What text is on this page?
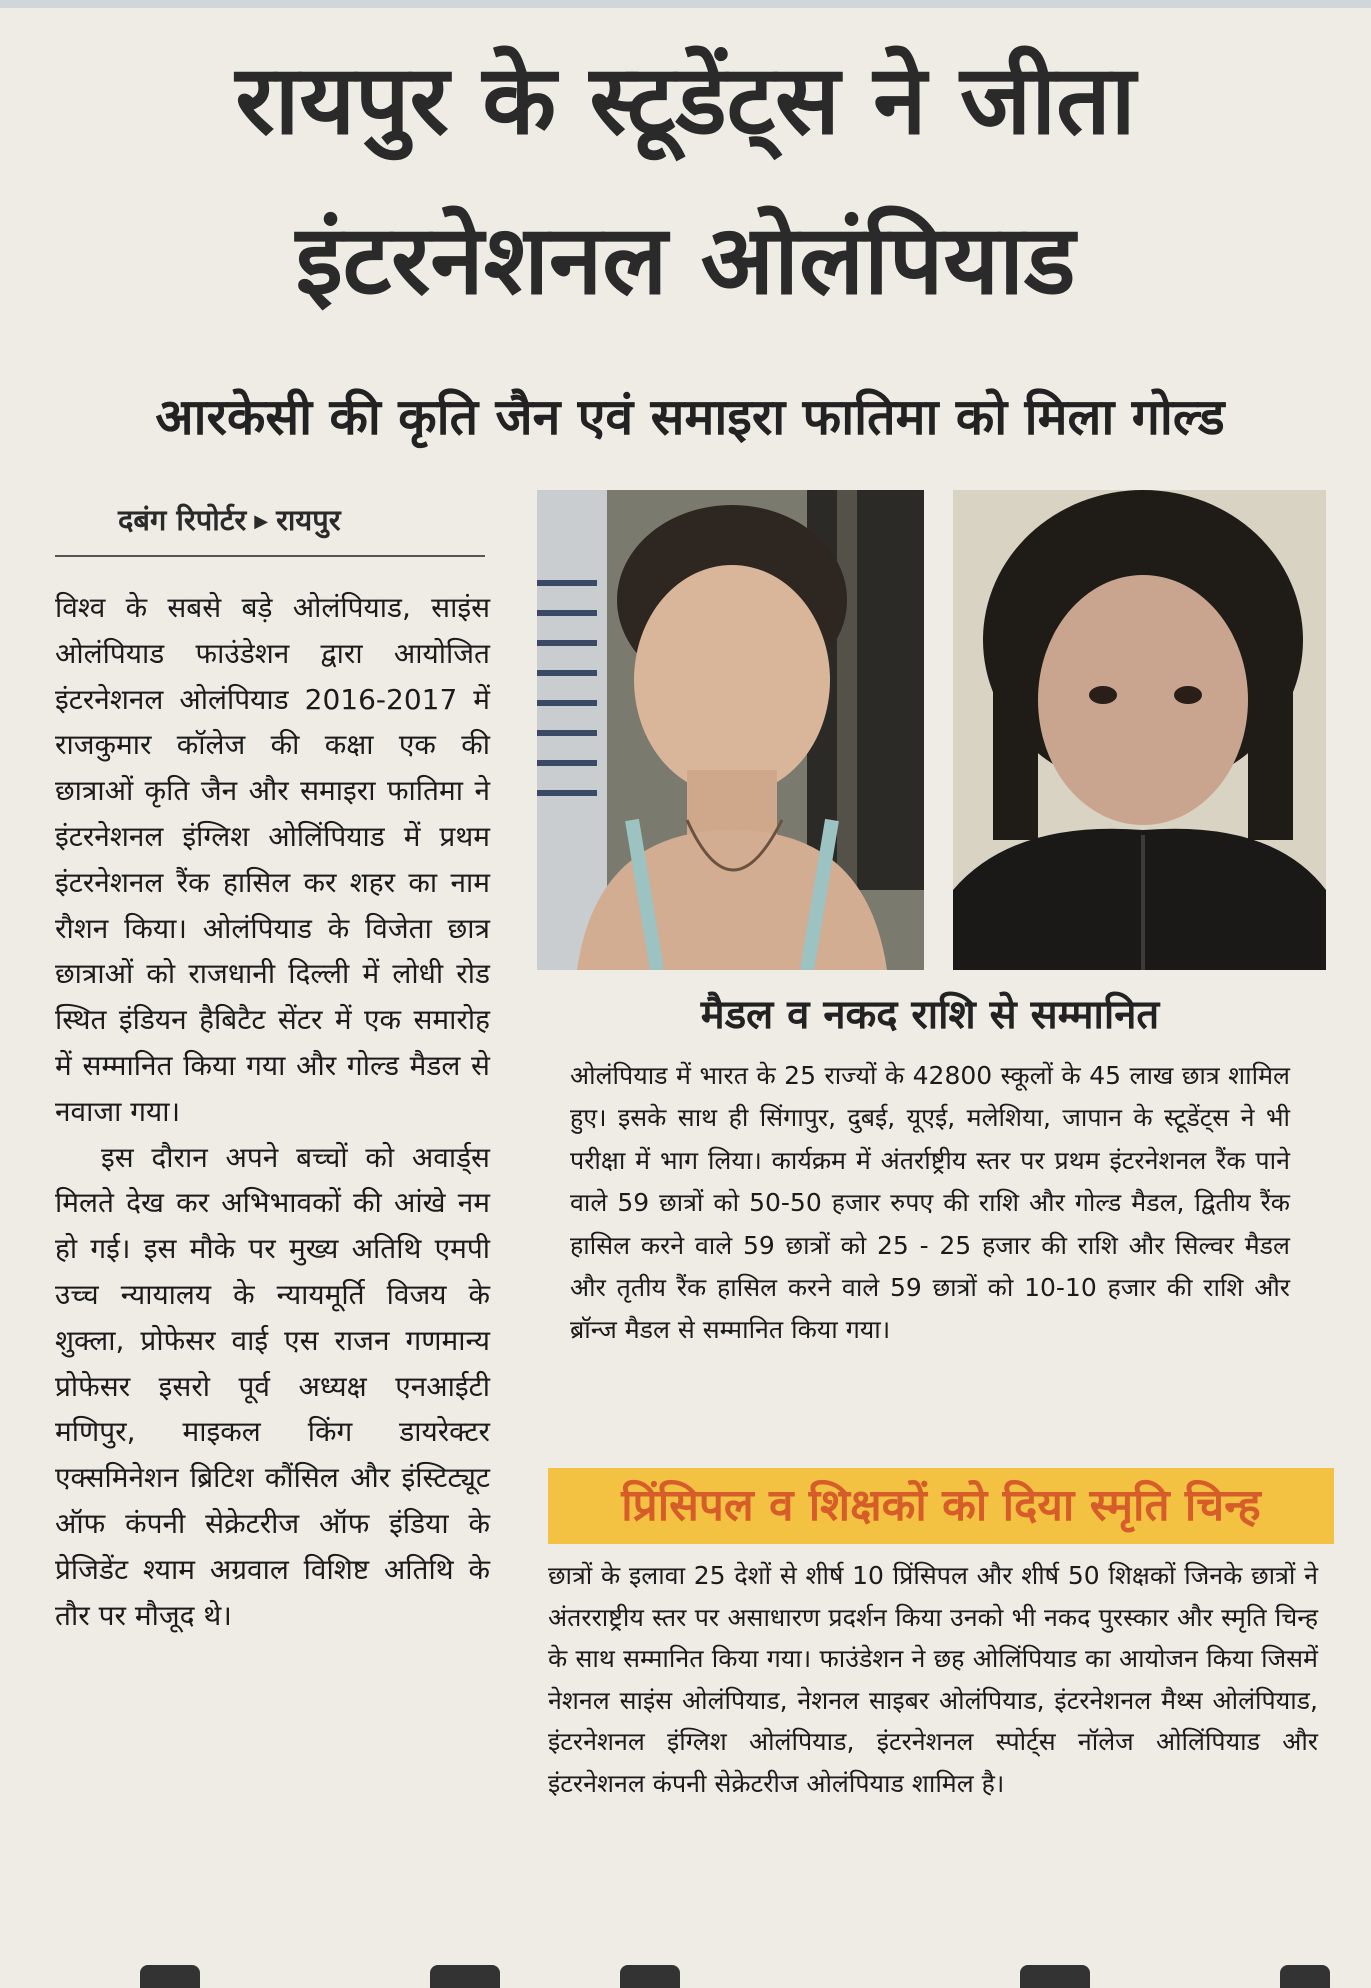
रायपुर के स्टूडेंट्स ने जीता
इंटरनेशनल ओलंपियाड
आरकेसी की कृति जैन एवं समाइरा फातिमा को मिला गोल्ड
दबंग रिपोर्टर ▶ रायपुर

विश्व के सबसे बड़े ओलंपियाड, साइंस ओलंपियाड फाउंडेशन द्वारा आयोजित इंटरनेशनल ओलंपियाड 2016-2017 में राजकुमार कॉलेज की कक्षा एक की छात्राओं कृति जैन और समाइरा फातिमा ने इंटरनेशनल इंग्लिश ओलिंपियाड में प्रथम इंटरनेशनल रैंक हासिल कर शहर का नाम रौशन किया। ओलंपियाड के विजेता छात्र छात्राओं को राजधानी दिल्ली में लोधी रोड स्थित इंडियन हैबिटैट सेंटर में एक समारोह में सम्मानित किया गया और गोल्ड मैडल से नवाजा गया।

इस दौरान अपने बच्चों को अवार्ड्स मिलते देख कर अभिभावकों की आंखे नम हो गई। इस मौके पर मुख्य अतिथि एमपी उच्च न्यायालय के न्यायमूर्ति विजय के शुक्ला, प्रोफेसर वाई एस राजन गणमान्य प्रोफेसर इसरो पूर्व अध्यक्ष एनआईटी मणिपुर, माइकल किंग डायरेक्टर एक्समिनेशन ब्रिटिश कौंसिल और इंस्टिट्यूट ऑफ कंपनी सेक्रेटरीज ऑफ इंडिया के प्रेजिडेंट श्याम अग्रवाल विशिष्ट अतिथि के तौर पर मौजूद थे।

मैडल व नकद राशि से सम्मानित

ओलंपियाड में भारत के 25 राज्यों के 42800 स्कूलों के 45 लाख छात्र शामिल हुए। इसके साथ ही सिंगापुर, दुबई, यूएई, मलेशिया, जापान के स्टूडेंट्स ने भी परीक्षा में भाग लिया। कार्यक्रम में अंतर्राष्ट्रीय स्तर पर प्रथम इंटरनेशनल रैंक पाने वाले 59 छात्रों को 50-50 हजार रुपए की राशि और गोल्ड मैडल, द्वितीय रैंक हासिल करने वाले 59 छात्रों को 25 - 25 हजार की राशि और सिल्वर मैडल और तृतीय रैंक हासिल करने वाले 59 छात्रों को 10-10 हजार की राशि और ब्रॉन्ज मैडल से सम्मानित किया गया।

प्रिंसिपल व शिक्षकों को दिया स्मृति चिन्ह

छात्रों के इलावा 25 देशों से शीर्ष 10 प्रिंसिपल और शीर्ष 50 शिक्षकों जिनके छात्रों ने अंतरराष्ट्रीय स्तर पर असाधारण प्रदर्शन किया उनको भी नकद पुरस्कार और स्मृति चिन्ह के साथ सम्मानित किया गया। फाउंडेशन ने छह ओलिंपियाड का आयोजन किया जिसमें नेशनल साइंस ओलंपियाड, नेशनल साइबर ओलंपियाड, इंटरनेशनल मैथ्स ओलंपियाड, इंटरनेशनल इंग्लिश ओलंपियाड, इंटरनेशनल स्पोर्ट्स नॉलेज ओलिंपियाड और इंटरनेशनल कंपनी सेक्रेटरीज ओलंपियाड शामिल है।
